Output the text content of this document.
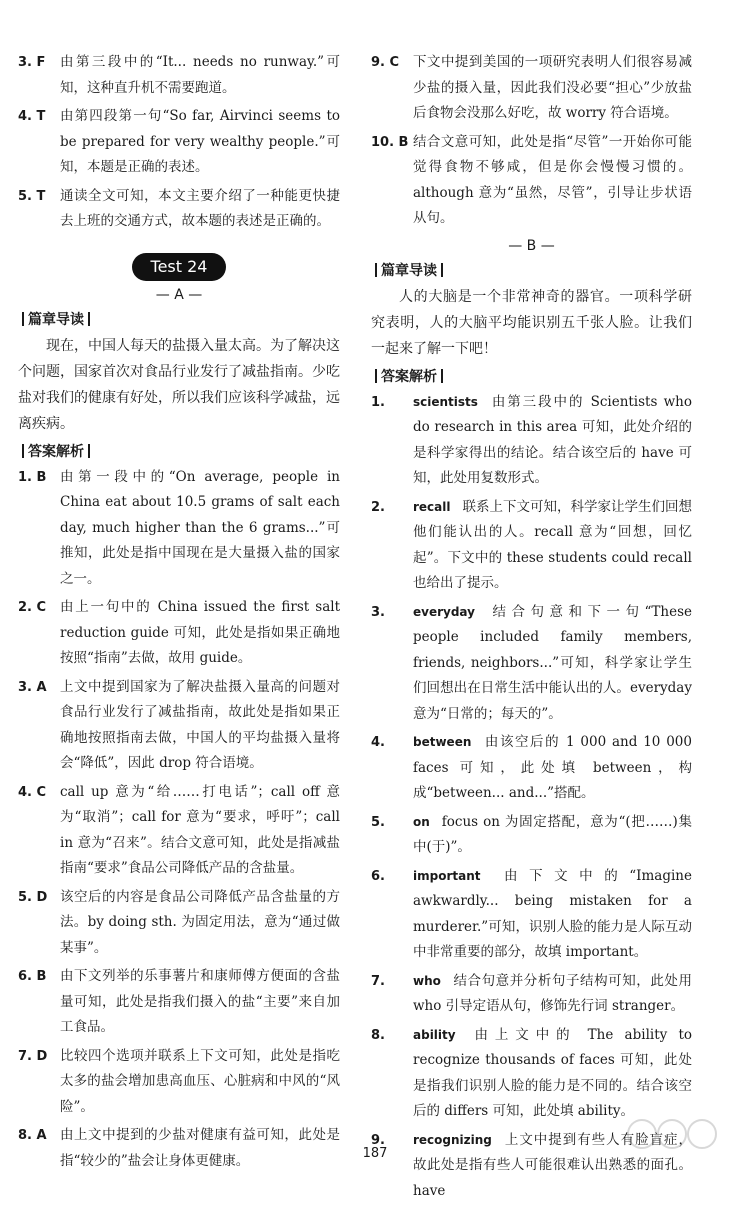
3. F	由第三段中的“It... needs no runway.”可知，这种直升机不需要跑道。
4. T	由第四段第一句“So far, Airvinci seems to be prepared for very wealthy people.”可知，本题是正确的表述。
5. T	通读全文可知，本文主要介绍了一种能更快捷去上班的交通方式，故本题的表述是正确的。
Test 24
— A —
篇章导读
现在，中国人每天的盐摄入量太高。为了解决这个问题，国家首次对食品行业发行了减盐指南。少吃盐对我们的健康有好处，所以我们应该科学减盐，远离疾病。
答案解析
1. B	由第一段中的“On average, people in China eat about 10.5 grams of salt each day, much higher than the 6 grams...”可推知，此处是指中国现在是大量摄入盐的国家之一。
2. C	由上一句中的 China issued the first salt reduction guide 可知，此处是指如果正确地按照“指南”去做，故用 guide。
3. A 上文中提到国家为了解决盐摄入量高的问题对食品行业发行了减盐指南，故此处是指如果正确地按照指南去做，中国人的平均盐摄入量将会“降低”，因此 drop 符合语境。
4. C	call up 意为“给……打电话”；call off 意为“取消”；call for 意为“要求，呼吁”；call in 意为“召来”。结合文意可知，此处是指减盐指南“要求”食品公司降低产品的含盐量。
5. D 该空后的内容是食品公司降低产品含盐量的方法。by doing sth. 为固定用法，意为“通过做某事”。
6. B	由下文列举的乐事薯片和康师傅方便面的含盐量可知，此处是指我们摄入的盐“主要”来自加工食品。
7. D 比较四个选项并联系上下文可知，此处是指吃太多的盐会增加患高血压、心脏病和中风的“风险”。
8. A 由上文中提到的少盐对健康有益可知，此处是指“较少的”盐会让身体更健康。
9. C	下文中提到美国的一项研究表明人们很容易减少盐的摄入量，因此我们没必要“担心”少放盐后食物会没那么好吃，故 worry 符合语境。
10. B 结合文意可知，此处是指“尽管”一开始你可能觉得食物不够咸，但是你会慢慢习惯的。although 意为“虽然，尽管”，引导让步状语从句。
— B —
篇章导读
人的大脑是一个非常神奇的器官。一项科学研究表明，人的大脑平均能识别五千张人脸。让我们一起来了解一下吧！
答案解析
1.	scientists 由第三段中的 Scientists who do research in this area 可知，此处介绍的是科学家得出的结论。结合该空后的 have 可知，此处用复数形式。
2.	recall 联系上下文可知，科学家让学生们回想他们能认出的人。recall 意为“回想，回忆起”。下文中的 these students could recall 也给出了提示。
3.	everyday 结合句意和下一句“These people included family members, friends, neighbors...”可知，科学家让学生们回想出在日常生活中能认出的人。everyday 意为“日常的；每天的”。
4.	between 由该空后的 1 000 and 10 000 faces 可知，此处填 between，构成“between... and...”搭配。
5.	on focus on 为固定搭配，意为“(把……)集中(于)”。
6.	important 由下文中的“Imagine awkwardly... being mistaken for a murderer.”可知，识别人脸的能力是人际互动中非常重要的部分，故填 important。
7.	who 结合句意并分析句子结构可知，此处用 who 引导定语从句，修饰先行词 stranger。
8.	ability 由上文中的 The ability to recognize thousands of faces 可知，此处是指我们识别人脸的能力是不同的。结合该空后的 differs 可知，此处填 ability。
9.	recognizing 上文中提到有些人有脸盲症，故此处是指有些人可能很难认出熟悉的面孔。have
187
